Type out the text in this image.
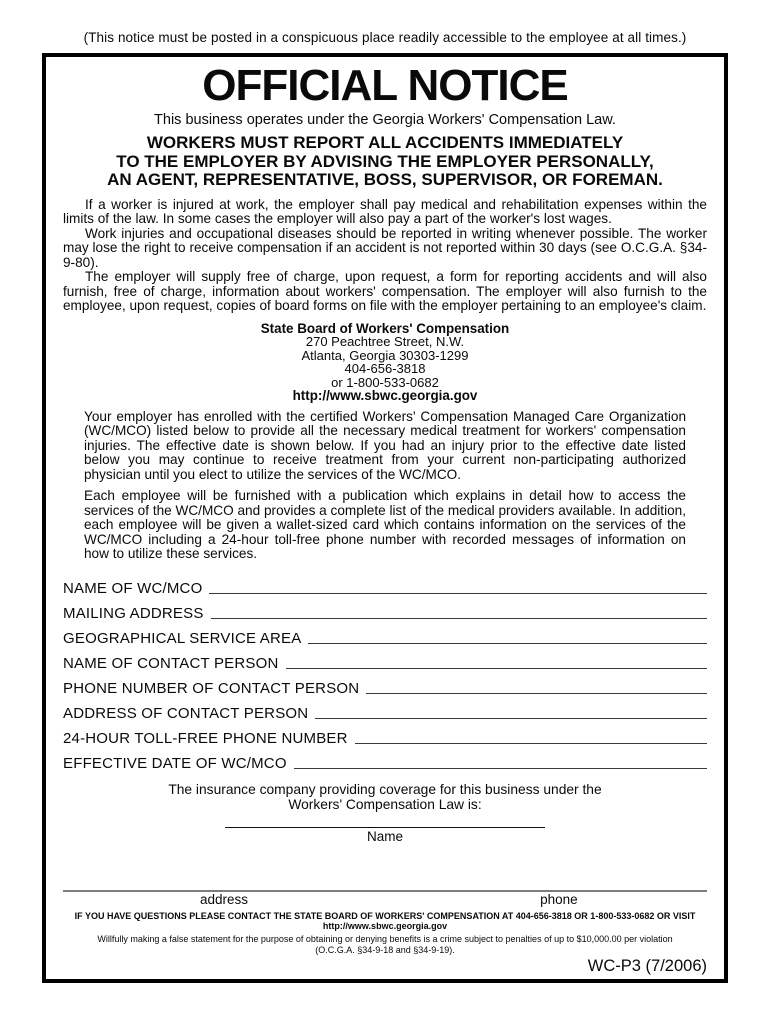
(This notice must be posted in a conspicuous place readily accessible to the employee at all times.)
OFFICIAL NOTICE
This business operates under the Georgia Workers' Compensation Law.
WORKERS MUST REPORT ALL ACCIDENTS IMMEDIATELY
TO THE EMPLOYER BY ADVISING THE EMPLOYER PERSONALLY,
AN AGENT, REPRESENTATIVE, BOSS, SUPERVISOR, OR FOREMAN.
If a worker is injured at work, the employer shall pay medical and rehabilitation expenses within the limits of the law. In some cases the employer will also pay a part of the worker's lost wages.
Work injuries and occupational diseases should be reported in writing whenever possible. The worker may lose the right to receive compensation if an accident is not reported within 30 days (see O.C.G.A. §34-9-80).
The employer will supply free of charge, upon request, a form for reporting accidents and will also furnish, free of charge, information about workers' compensation. The employer will also furnish to the employee, upon request, copies of board forms on file with the employer pertaining to an employee's claim.
State Board of Workers' Compensation
270 Peachtree Street, N.W.
Atlanta, Georgia 30303-1299
404-656-3818
or 1-800-533-0682
http://www.sbwc.georgia.gov
Your employer has enrolled with the certified Workers' Compensation Managed Care Organization (WC/MCO) listed below to provide all the necessary medical treatment for workers' compensation injuries. The effective date is shown below. If you had an injury prior to the effective date listed below you may continue to receive treatment from your current non-participating authorized physician until you elect to utilize the services of the WC/MCO.
Each employee will be furnished with a publication which explains in detail how to access the services of the WC/MCO and provides a complete list of the medical providers available. In addition, each employee will be given a wallet-sized card which contains information on the services of the WC/MCO including a 24-hour toll-free phone number with recorded messages of information on how to utilize these services.
NAME OF WC/MCO
MAILING ADDRESS
GEOGRAPHICAL SERVICE AREA
NAME OF CONTACT PERSON
PHONE NUMBER OF CONTACT PERSON
ADDRESS OF CONTACT PERSON
24-HOUR TOLL-FREE PHONE NUMBER
EFFECTIVE DATE OF WC/MCO
The insurance company providing coverage for this business under the
Workers' Compensation Law is:
Name
address	phone
IF YOU HAVE QUESTIONS PLEASE CONTACT THE STATE BOARD OF WORKERS' COMPENSATION AT 404-656-3818 OR 1-800-533-0682 OR VISIT http://www.sbwc.georgia.gov
Willfully making a false statement for the purpose of obtaining or denying benefits is a crime subject to penalties of up to $10,000.00 per violation
(O.C.G.A. §34-9-18 and §34-9-19).
WC-P3 (7/2006)
